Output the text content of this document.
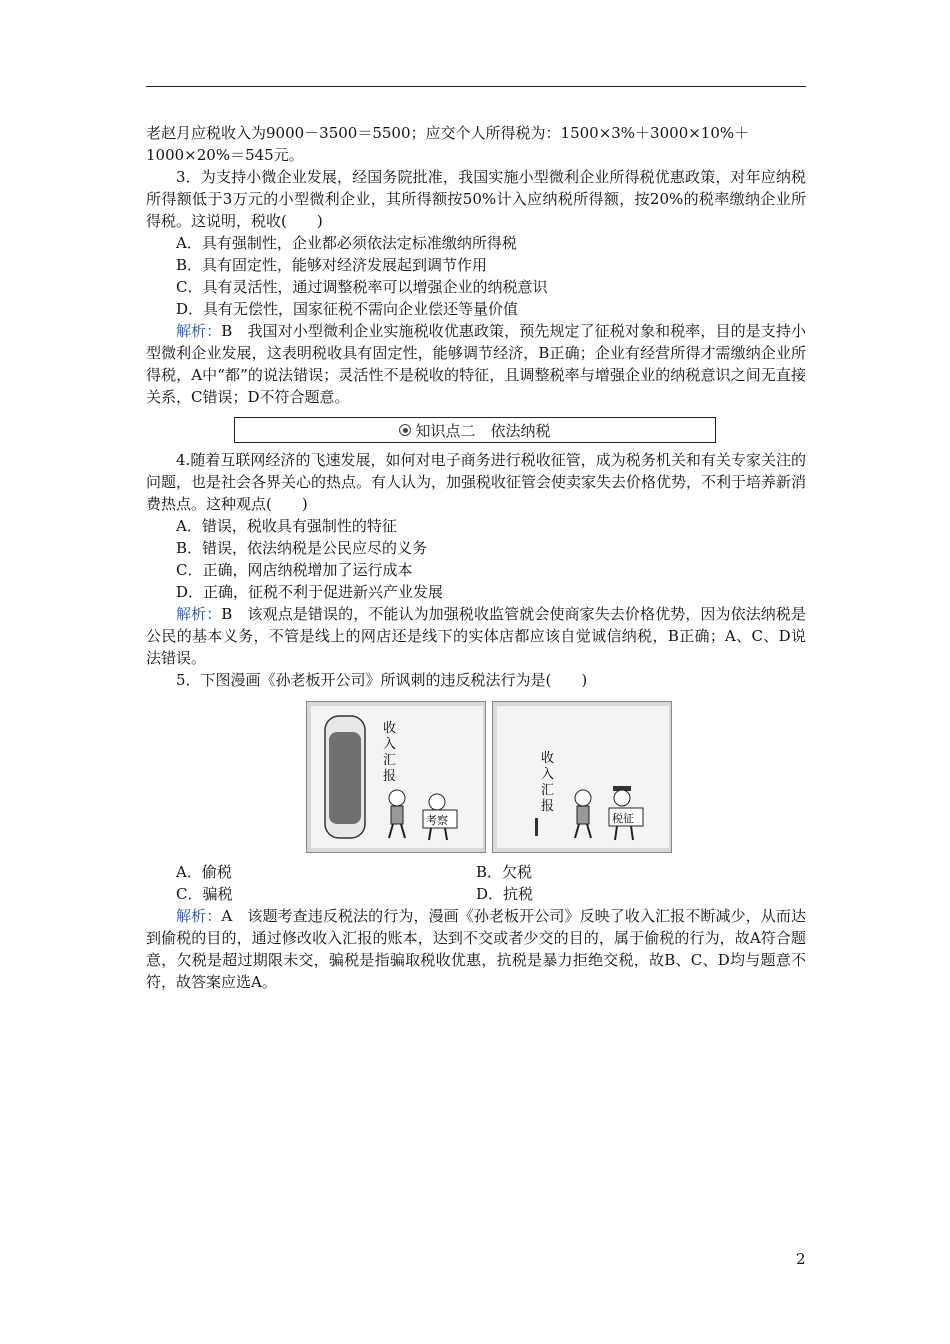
老赵月应税收入为9000－3500＝5500；应交个人所得税为：1500×3%＋3000×10%＋

1000×20%＝545元。

3．为支持小微企业发展，经国务院批准，我国实施小型微利企业所得税优惠政策，对年应纳税所得额低于3万元的小型微利企业，其所得额按50%计入应纳税所得额，按20%的税率缴纳企业所得税。这说明，税收(　　)

A．具有强制性，企业都必须依法定标准缴纳所得税

B．具有固定性，能够对经济发展起到调节作用

C．具有灵活性，通过调整税率可以增强企业的纳税意识

D．具有无偿性，国家征税不需向企业偿还等量价值

解析：B　我国对小型微利企业实施税收优惠政策，预先规定了征税对象和税率，目的是支持小型微利企业发展，这表明税收具有固定性，能够调节经济，B正确；企业有经营所得才需缴纳企业所得税，A中“都”的说法错误；灵活性不是税收的特征，且调整税率与增强企业的纳税意识之间无直接关系，C错误；D不符合题意。

知识点二　依法纳税

4.随着互联网经济的飞速发展，如何对电子商务进行税收征管，成为税务机关和有关专家关注的问题，也是社会各界关心的热点。有人认为，加强税收征管会使卖家失去价格优势，不利于培养新消费热点。这种观点(　　)

A．错误，税收具有强制性的特征

B．错误，依法纳税是公民应尽的义务

C．正确，网店纳税增加了运行成本

D．正确，征税不利于促进新兴产业发展

解析：B　该观点是错误的，不能认为加强税收监管就会使商家失去价格优势，因为依法纳税是公民的基本义务，不管是线上的网店还是线下的实体店都应该自觉诚信纳税，B正确；A、C、D说法错误。

5．下图漫画《孙老板开公司》所讽刺的违反税法行为是(　　)

收
入
汇
报
考察
收
入
汇
报
税征
A．偷税	B．欠税
C．骗税	D．抗税

解析：A　该题考查违反税法的行为，漫画《孙老板开公司》反映了收入汇报不断减少，从而达到偷税的目的，通过修改收入汇报的账本，达到不交或者少交的目的，属于偷税的行为，故A符合题意，欠税是超过期限未交，骗税是指骗取税收优惠，抗税是暴力拒绝交税，故B、C、D均与题意不符，故答案应选A。

2
